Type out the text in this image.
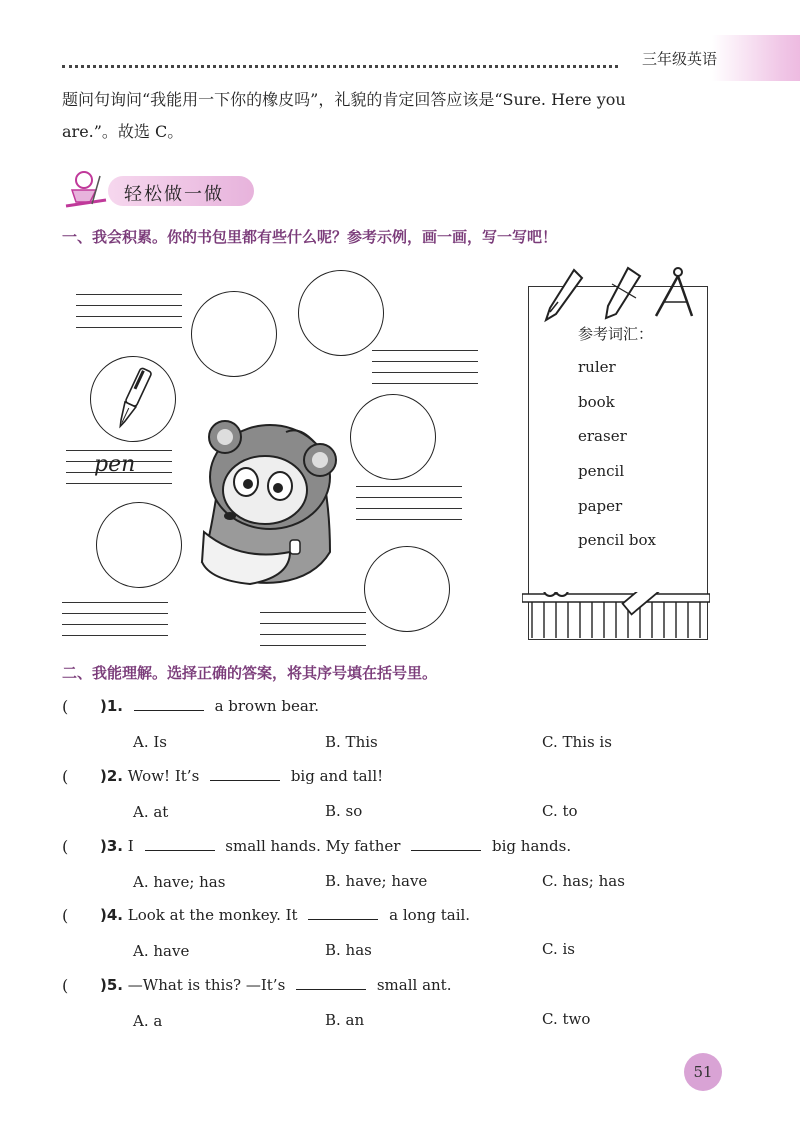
三年级英语
题问句询问“我能用一下你的橡皮吗”，礼貌的肯定回答应该是“Sure. Here you
are.”。故选 C。
轻松做一做
一、我会积累。你的书包里都有些什么呢？参考示例，画一画，写一写吧！
pen
参考词汇：
ruler
book
eraser
pencil
paper
pencil box
二、我能理解。选择正确的答案，将其序号填在括号里。
( )1.	a brown bear.
A. Is	B. This	C. This is
( )2. Wow! It’s	big and tall!
A. at	B. so	C. to
( )3. I	small hands. My father	big hands.
A. have; has	B. have; have	C. has; has
( )4. Look at the monkey. It	a long tail.
A. have	B. has	C. is
( )5. —What is this? —It’s	small ant.
A. a	B. an	C. two
51
